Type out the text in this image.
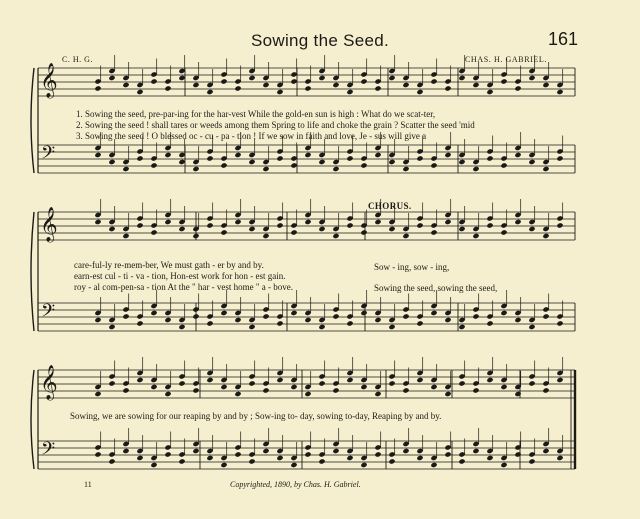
𝄞
𝄢
𝄞
𝄢
𝄞
𝄢
Sowing the Seed.	161
C. H. G.	CHAS. H. GABRIEL.
1. Sowing the seed, pre-par-ing for the har-vest While the gold-en sun is high : What do we scat-ter,
2. Sowing the seed ! shall tares or weeds among them Spring to life and choke the grain ? Scatter the seed 'mid
3. Sowing the seed ! O blessed oc - cu - pa - tion ! If we sow in faith and love, Je - sus will give a
care-ful-ly re-mem-ber, We must gath - er by and by.
earn-est cul - ti - va - tion, Hon-est work for hon - est gain.
roy - al com-pen-sa - tion At the " har - vest home " a - bove.
CHORUS.
Sow - ing, sow - ing,
Sowing the seed, sowing the seed,
Sowing, we are sowing for our reaping by and by ; Sow-ing to- day, sowing to-day, Reaping by and by.
11	Copyrighted, 1890, by Chas. H. Gabriel.
